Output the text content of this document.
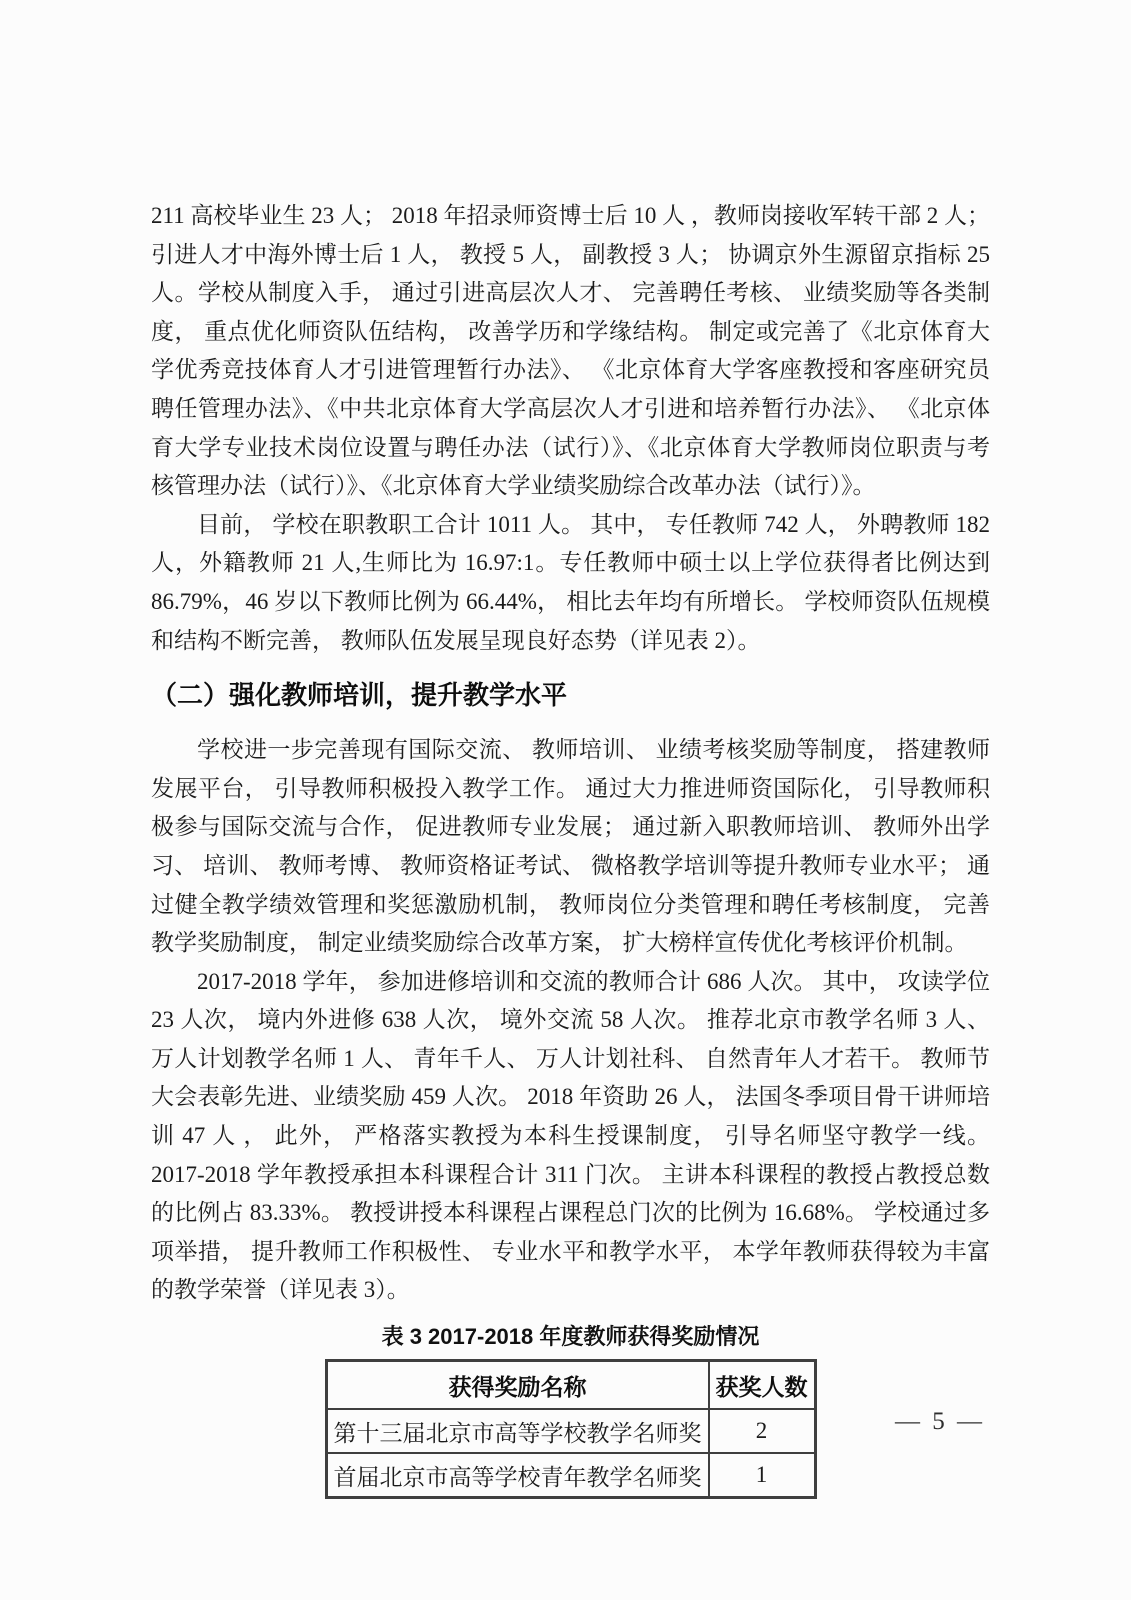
211 高校毕业生 23 人； 2018 年招录师资博士后 10 人 ，教师岗接收军转干部 2 人； 引进人才中海外博士后 1 人， 教授 5 人， 副教授 3 人； 协调京外生源留京指标 25 人。学校从制度入手， 通过引进高层次人才、 完善聘任考核、 业绩奖励等各类制度， 重点优化师资队伍结构， 改善学历和学缘结构。 制定或完善了《北京体育大学优秀竞技体育人才引进管理暂行办法》、 《北京体育大学客座教授和客座研究员聘任管理办法》、《中共北京体育大学高层次人才引进和培养暂行办法》、 《北京体育大学专业技术岗位设置与聘任办法（试行）》、《北京体育大学教师岗位职责与考核管理办法（试行）》、《北京体育大学业绩奖励综合改革办法（试行）》。

目前， 学校在职教职工合计 1011 人。 其中， 专任教师 742 人， 外聘教师 182 人，外籍教师 21 人,生师比为 16.97:1。专任教师中硕士以上学位获得者比例达到 86.79%，46 岁以下教师比例为 66.44%， 相比去年均有所增长。 学校师资队伍规模和结构不断完善， 教师队伍发展呈现良好态势（详见表 2）。

（二）强化教师培训，提升教学水平

学校进一步完善现有国际交流、 教师培训、 业绩考核奖励等制度， 搭建教师发展平台， 引导教师积极投入教学工作。 通过大力推进师资国际化， 引导教师积极参与国际交流与合作， 促进教师专业发展； 通过新入职教师培训、 教师外出学习、 培训、 教师考博、 教师资格证考试、 微格教学培训等提升教师专业水平； 通过健全教学绩效管理和奖惩激励机制， 教师岗位分类管理和聘任考核制度， 完善教学奖励制度， 制定业绩奖励综合改革方案， 扩大榜样宣传优化考核评价机制。

2017-2018 学年， 参加进修培训和交流的教师合计 686 人次。 其中， 攻读学位 23 人次， 境内外进修 638 人次， 境外交流 58 人次。 推荐北京市教学名师 3 人、 万人计划教学名师 1 人、 青年千人、 万人计划社科、 自然青年人才若干。 教师节大会表彰先进、业绩奖励 459 人次。 2018 年资助 26 人， 法国冬季项目骨干讲师培训 47 人 ， 此外， 严格落实教授为本科生授课制度， 引导名师坚守教学一线。 2017-2018 学年教授承担本科课程合计 311 门次。 主讲本科课程的教授占教授总数的比例占 83.33%。 教授讲授本科课程占课程总门次的比例为 16.68%。 学校通过多项举措， 提升教师工作积极性、 专业水平和教学水平， 本学年教师获得较为丰富的教学荣誉（详见表 3）。

表 3 2017-2018 年度教师获得奖励情况
获得奖励名称	获奖人数
第十三届北京市高等学校教学名师奖	2
首届北京市高等学校青年教学名师奖	1
— 5 —
